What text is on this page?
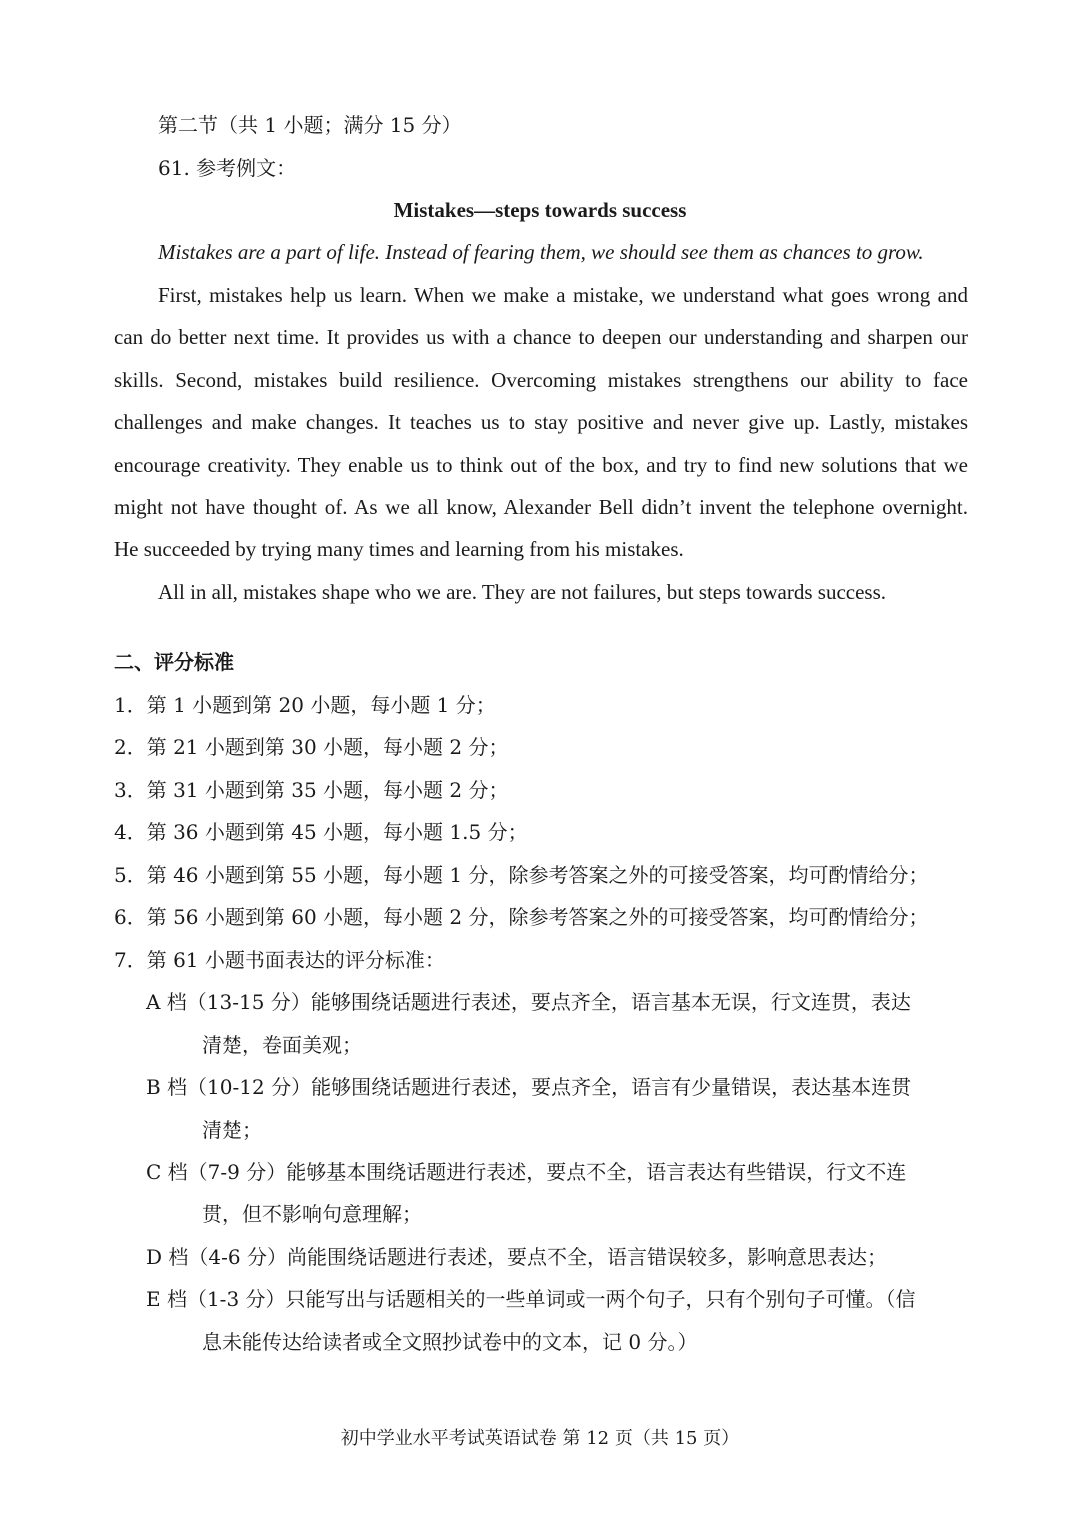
第二节（共 1 小题；满分 15 分）
61. 参考例文：
Mistakes—steps towards success
Mistakes are a part of life. Instead of fearing them, we should see them as chances to grow.
First, mistakes help us learn. When we make a mistake, we understand what goes wrong and
can do better next time. It provides us with a chance to deepen our understanding and sharpen our
skills. Second, mistakes build resilience. Overcoming mistakes strengthens our ability to face
challenges and make changes. It teaches us to stay positive and never give up. Lastly, mistakes
encourage creativity. They enable us to think out of the box, and try to find new solutions that we
might not have thought of. As we all know, Alexander Bell didn’t invent the telephone overnight.
He succeeded by trying many times and learning from his mistakes.
All in all, mistakes shape who we are. They are not failures, but steps towards success.
二、评分标准
1．第 1 小题到第 20 小题，每小题 1 分；
2．第 21 小题到第 30 小题，每小题 2 分；
3．第 31 小题到第 35 小题，每小题 2 分；
4．第 36 小题到第 45 小题，每小题 1.5 分；
5．第 46 小题到第 55 小题，每小题 1 分，除参考答案之外的可接受答案，均可酌情给分；
6．第 56 小题到第 60 小题，每小题 2 分，除参考答案之外的可接受答案，均可酌情给分；
7．第 61 小题书面表达的评分标准：
A 档（13-15 分）能够围绕话题进行表述，要点齐全，语言基本无误，行文连贯，表达
清楚，卷面美观；
B 档（10-12 分）能够围绕话题进行表述，要点齐全，语言有少量错误，表达基本连贯
清楚；
C 档（7-9 分）能够基本围绕话题进行表述，要点不全，语言表达有些错误，行文不连
贯，但不影响句意理解；
D 档（4-6 分）尚能围绕话题进行表述，要点不全，语言错误较多，影响意思表达；
E 档（1-3 分）只能写出与话题相关的一些单词或一两个句子，只有个别句子可懂。（信
息未能传达给读者或全文照抄试卷中的文本，记 0 分。）
初中学业水平考试英语试卷 第 12 页（共 15 页）
